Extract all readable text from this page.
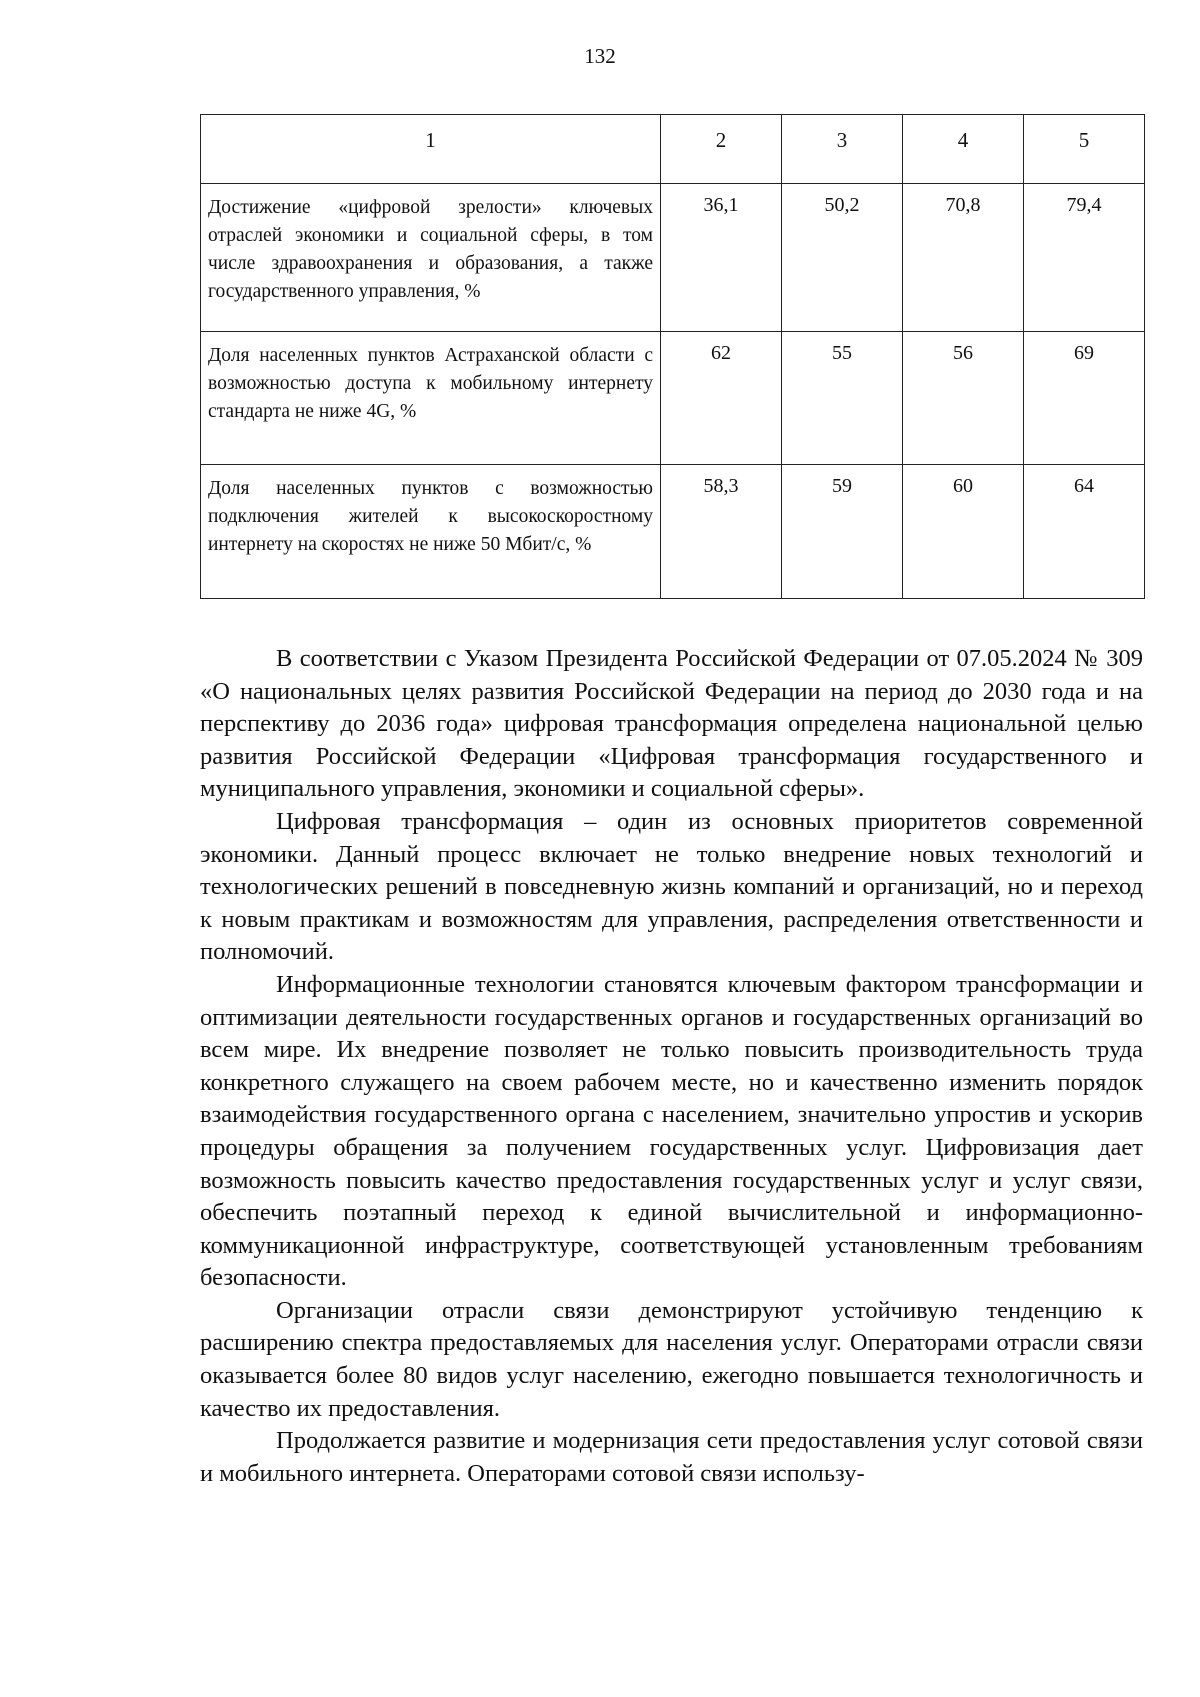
132
1	2	3	4	5
Достижение «цифровой зрелости» ключевых отраслей экономики и социальной сферы, в том числе здравоохранения и образования, а также государственного управления, %	36,1	50,2	70,8	79,4
Доля населенных пунктов Астраханской области с возможностью доступа к мобильному интернету стандарта не ниже 4G, %	62	55	56	69
Доля населенных пунктов с возможностью подключения жителей к высокоскоростному интернету на скоростях не ниже 50 Мбит/с, %	58,3	59	60	64

В соответствии с Указом Президента Российской Федерации от 07.05.2024 № 309 «О национальных целях развития Российской Федерации на период до 2030 года и на перспективу до 2036 года» цифровая трансформация определена национальной целью развития Российской Федерации «Цифровая трансформация государственного и муниципального управления, экономики и социальной сферы».

Цифровая трансформация – один из основных приоритетов современной экономики. Данный процесс включает не только внедрение новых технологий и технологических решений в повседневную жизнь компаний и организаций, но и переход к новым практикам и возможностям для управления, распределения ответственности и полномочий.

Информационные технологии становятся ключевым фактором трансформации и оптимизации деятельности государственных органов и государственных организаций во всем мире. Их внедрение позволяет не только повысить производительность труда конкретного служащего на своем рабочем месте, но и качественно изменить порядок взаимодействия государственного органа с населением, значительно упростив и ускорив процедуры обращения за получением государственных услуг. Цифровизация дает возможность повысить качество предоставления государственных услуг и услуг связи, обеспечить поэтапный переход к единой вычислительной и информационно-коммуникационной инфраструктуре, соответствующей установленным требованиям безопасности.

Организации отрасли связи демонстрируют устойчивую тенденцию к расширению спектра предоставляемых для населения услуг. Операторами отрасли связи оказывается более 80 видов услуг населению, ежегодно повышается технологичность и качество их предоставления.

Продолжается развитие и модернизация сети предоставления услуг сотовой связи и мобильного интернета. Операторами сотовой связи использу-
